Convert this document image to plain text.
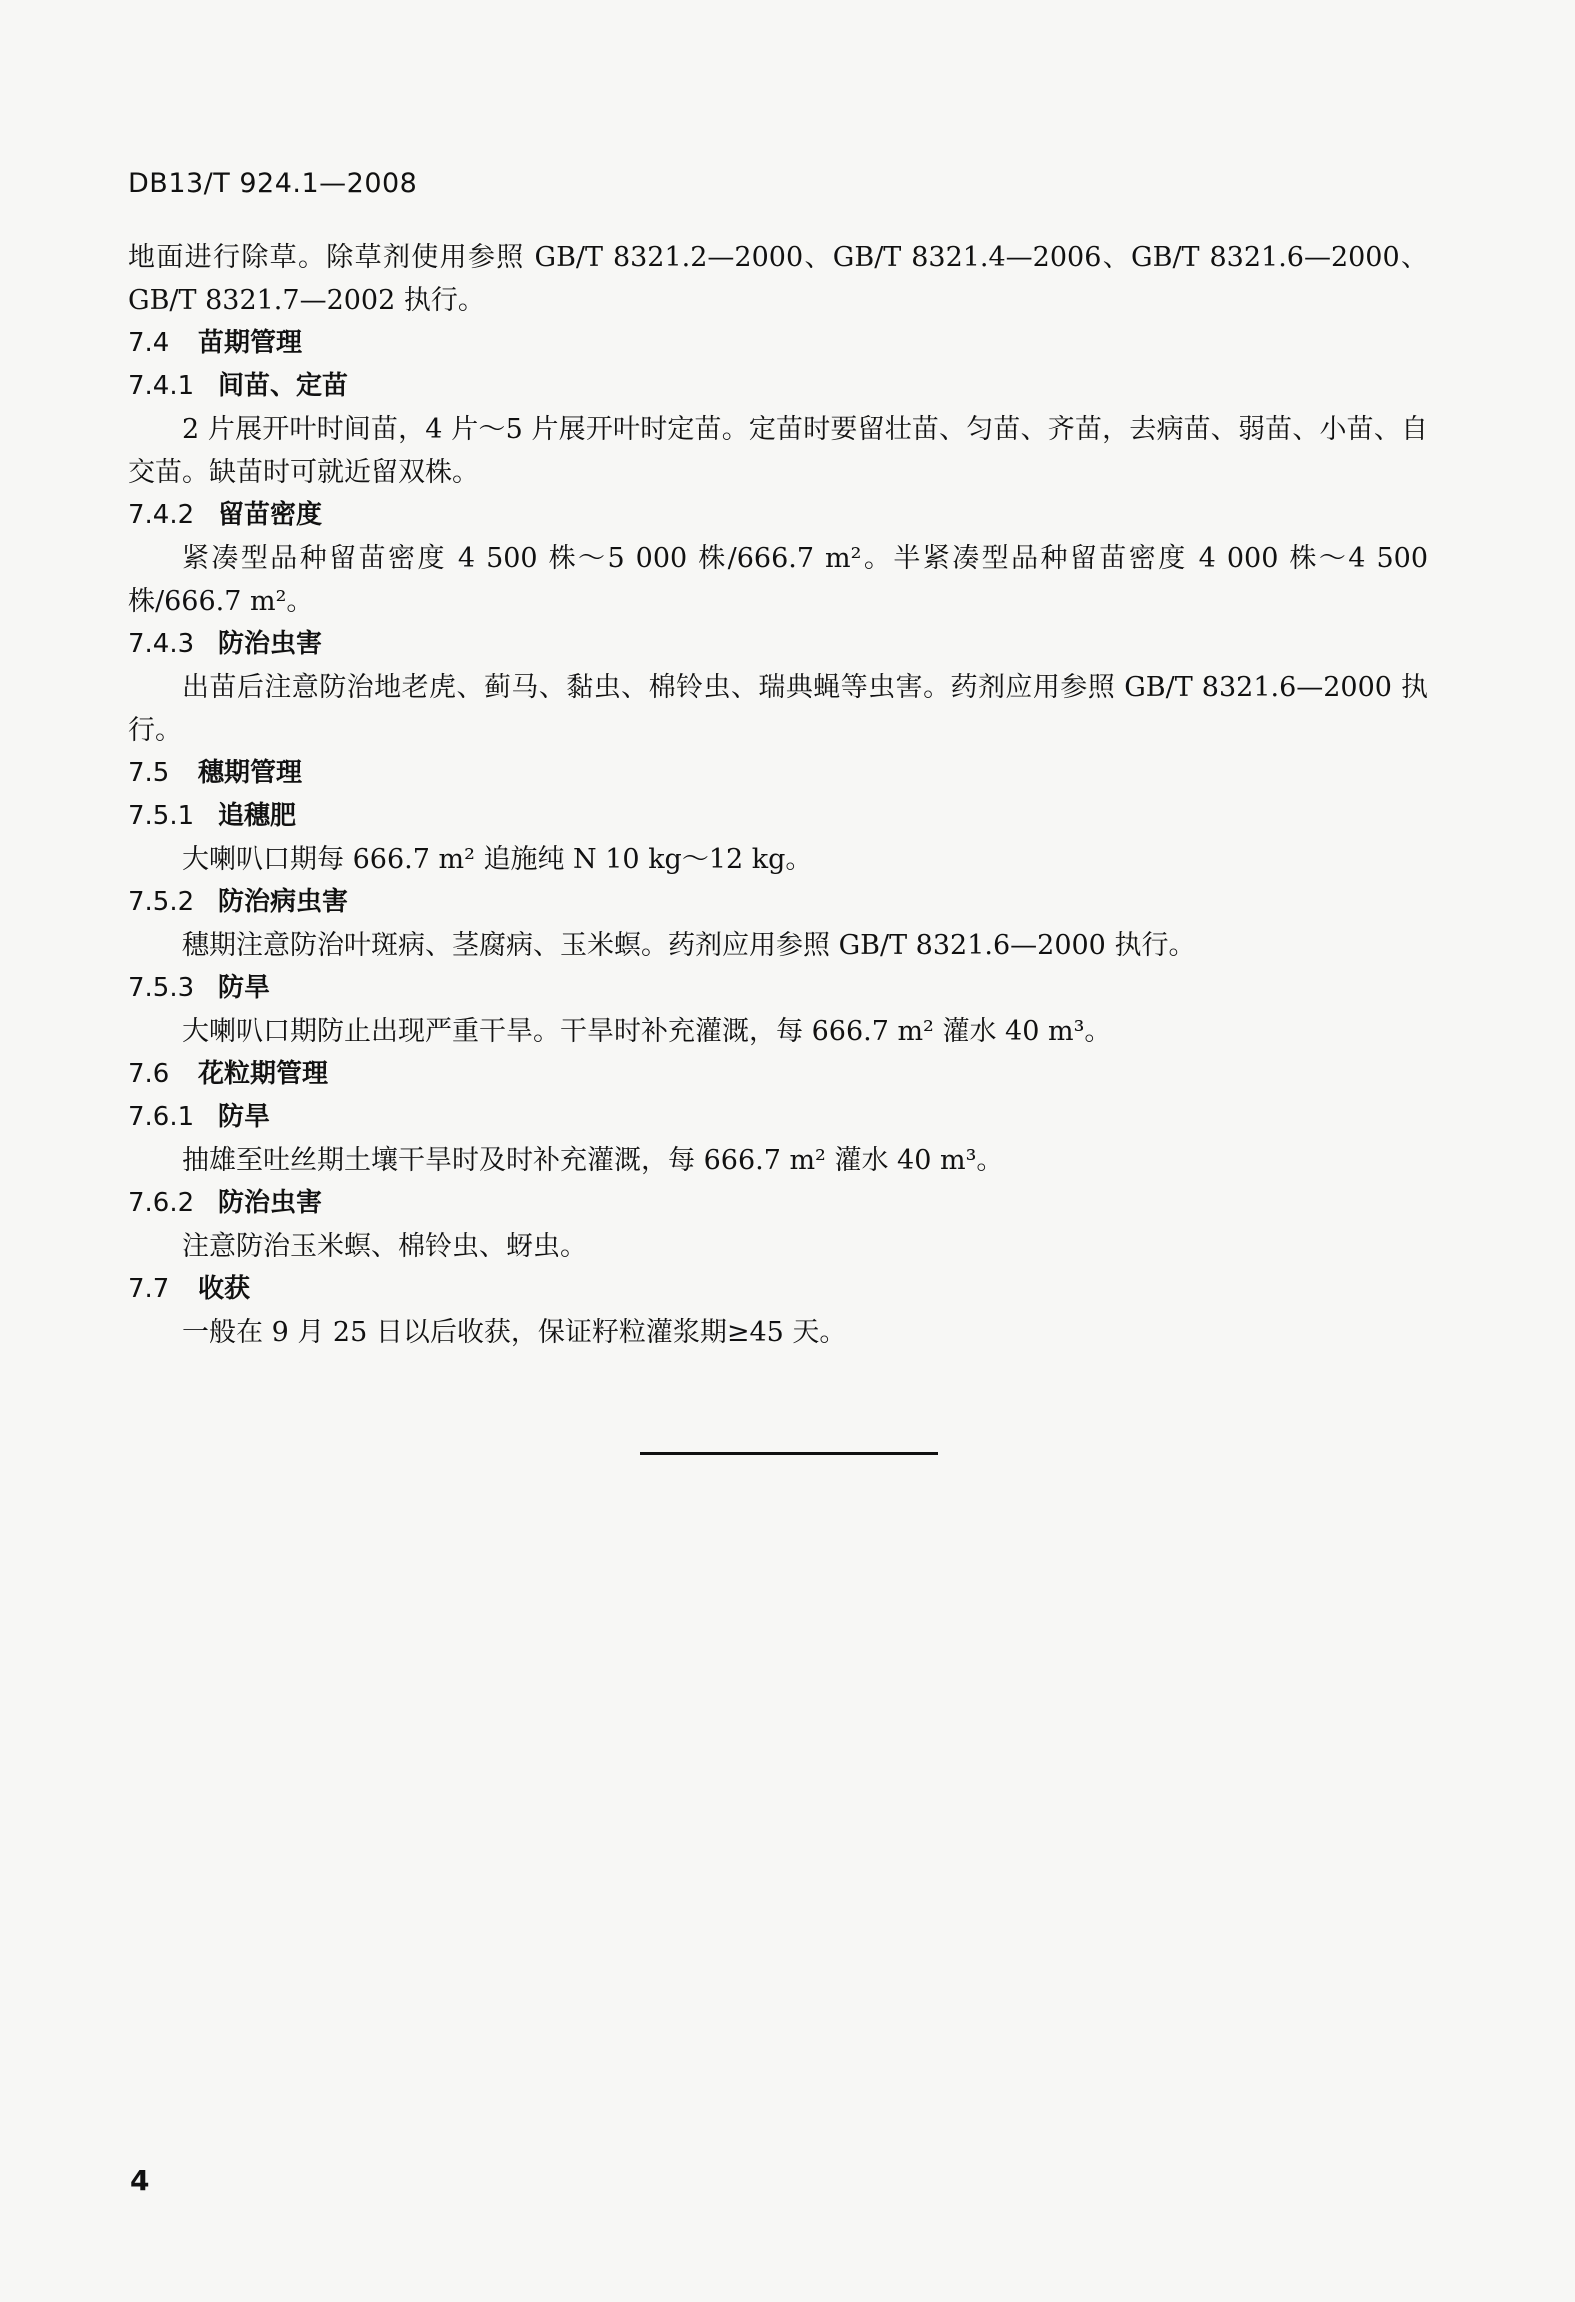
DB13/T 924.1—2008

地面进行除草。除草剂使用参照 GB/T 8321.2—2000、GB/T 8321.4—2006、GB/T 8321.6—2000、GB/T 8321.7—2002 执行。

7.4 苗期管理
7.4.1 间苗、定苗

2 片展开叶时间苗，4 片～5 片展开叶时定苗。定苗时要留壮苗、匀苗、齐苗，去病苗、弱苗、小苗、自交苗。缺苗时可就近留双株。

7.4.2 留苗密度

紧凑型品种留苗密度 4 500 株～5 000 株/666.7 m²。半紧凑型品种留苗密度 4 000 株～4 500 株/666.7 m²。

7.4.3 防治虫害

出苗后注意防治地老虎、蓟马、黏虫、棉铃虫、瑞典蝇等虫害。药剂应用参照 GB/T 8321.6—2000 执行。

7.5 穗期管理
7.5.1 追穗肥

大喇叭口期每 666.7 m² 追施纯 N 10 kg～12 kg。

7.5.2 防治病虫害

穗期注意防治叶斑病、茎腐病、玉米螟。药剂应用参照 GB/T 8321.6—2000 执行。

7.5.3 防旱

大喇叭口期防止出现严重干旱。干旱时补充灌溉，每 666.7 m² 灌水 40 m³。

7.6 花粒期管理
7.6.1 防旱

抽雄至吐丝期土壤干旱时及时补充灌溉，每 666.7 m² 灌水 40 m³。

7.6.2 防治虫害

注意防治玉米螟、棉铃虫、蚜虫。

7.7 收获

一般在 9 月 25 日以后收获，保证籽粒灌浆期≥45 天。

4
